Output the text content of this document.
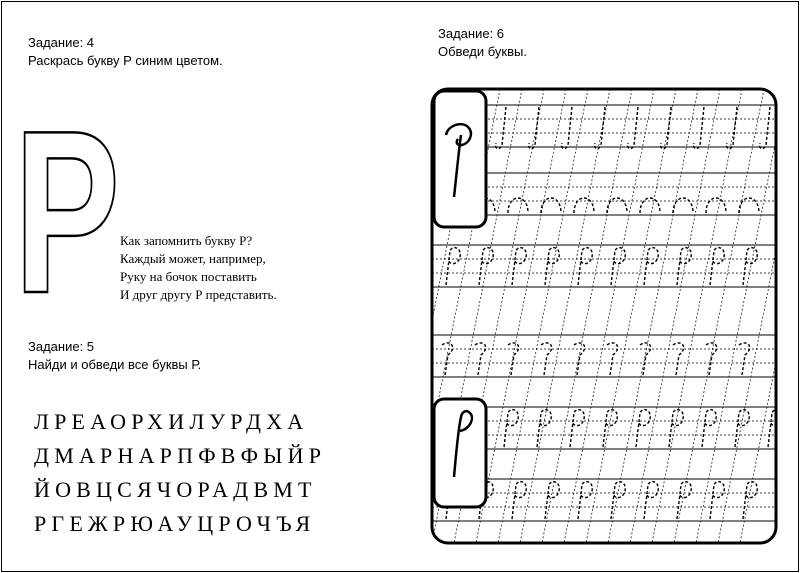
Задание: 4
Раскрась букву Р синим цветом.
Р Как запомнить букву Р?
Каждый может, например,
Руку на бочок поставить
И друг другу Р представить.
Задание: 5
Найди и обведи все буквы Р.
ЛРЕАОРХИЛУРДХА
ДМАРНАРПФВФЫЙР
ЙОВЦСЯЧОРАДВМТ
РГЕЖРЮАУЦРОЧЪЯ
Задание: 6
Обведи буквы.
